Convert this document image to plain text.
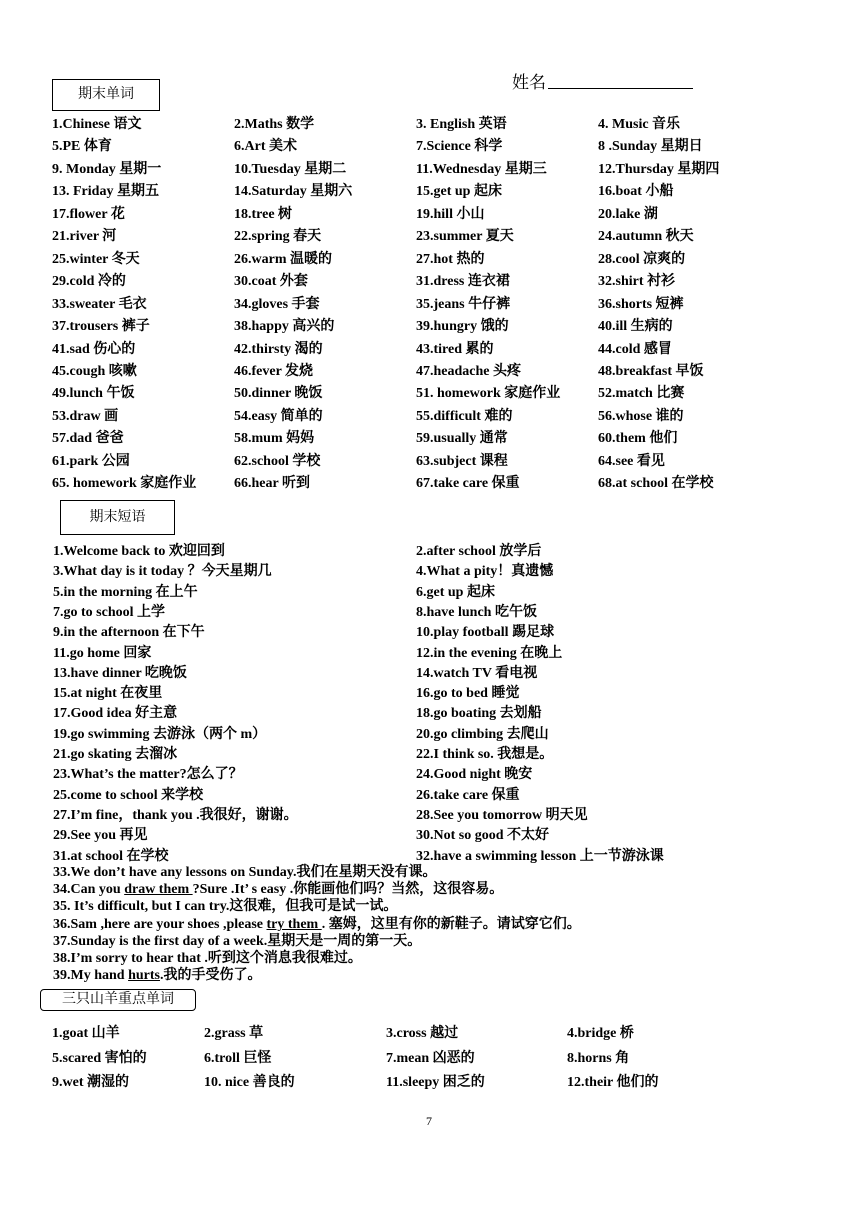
姓名
期末单词
1.Chinese 语文	2.Maths 数学	3. English 英语	4. Music 音乐
5.PE 体育	6.Art 美术	7.Science 科学	8 .Sunday 星期日
9. Monday 星期一	10.Tuesday 星期二	11.Wednesday 星期三	12.Thursday 星期四
13. Friday 星期五	14.Saturday 星期六	15.get up 起床	16.boat 小船
17.flower 花	18.tree 树	19.hill 小山	20.lake 湖
21.river 河	22.spring 春天	23.summer 夏天	24.autumn 秋天
25.winter 冬天	26.warm 温暖的	27.hot 热的	28.cool 凉爽的
29.cold 冷的	30.coat 外套	31.dress 连衣裙	32.shirt 衬衫
33.sweater 毛衣	34.gloves 手套	35.jeans 牛仔裤	36.shorts 短裤
37.trousers 裤子	38.happy 高兴的	39.hungry 饿的	40.ill 生病的
41.sad 伤心的	42.thirsty 渴的	43.tired 累的	44.cold 感冒
45.cough 咳嗽	46.fever 发烧	47.headache 头疼	48.breakfast 早饭
49.lunch 午饭	50.dinner 晚饭	51. homework 家庭作业	52.match 比赛
53.draw 画	54.easy 简单的	55.difficult 难的	56.whose 谁的
57.dad 爸爸	58.mum 妈妈	59.usually 通常	60.them 他们
61.park 公园	62.school 学校	63.subject 课程	64.see 看见
65. homework 家庭作业	66.hear 听到	67.take care 保重	68.at school 在学校
期末短语
1.Welcome back to 欢迎回到	2.after school 放学后
3.What day is it today ？今天星期几	4.What a pity！真遗憾
5.in the morning 在上午	6.get up 起床
7.go to school 上学	8.have lunch 吃午饭
9.in the afternoon 在下午	10.play football 踢足球
11.go home 回家	12.in the evening 在晚上
13.have dinner 吃晚饭	14.watch TV 看电视
15.at night 在夜里	16.go to bed 睡觉
17.Good idea 好主意	18.go boating 去划船
19.go swimming 去游泳（两个 m）	20.go climbing 去爬山
21.go skating 去溜冰	22.I think so. 我想是。
23.What’s the matter?怎么了？	24.Good night 晚安
25.come to school 来学校	26.take care 保重
27.I’m fine，thank you .我很好，谢谢。	28.See you tomorrow 明天见
29.See you 再见	30.Not so good 不太好
31.at school 在学校	32.have a swimming lesson 上一节游泳课
33.We don’t have any lessons on Sunday.我们在星期天没有课。
34.Can you draw them ?Sure .It’ s easy .你能画他们吗？当然，这很容易。
35. It’s difficult, but I can try.这很难，但我可是试一试。
36.Sam ,here are your shoes ,please try them . 塞姆，这里有你的新鞋子。请试穿它们。
37.Sunday is the first day of a week.星期天是一周的第一天。
38.I’m sorry to hear that .听到这个消息我很难过。
39.My hand hurts.我的手受伤了。
三只山羊重点单词
1.goat 山羊	2.grass 草	3.cross 越过	4.bridge 桥
5.scared 害怕的	6.troll 巨怪	7.mean 凶恶的	8.horns 角
9.wet 潮湿的	10. nice 善良的	11.sleepy 困乏的	12.their 他们的
7
